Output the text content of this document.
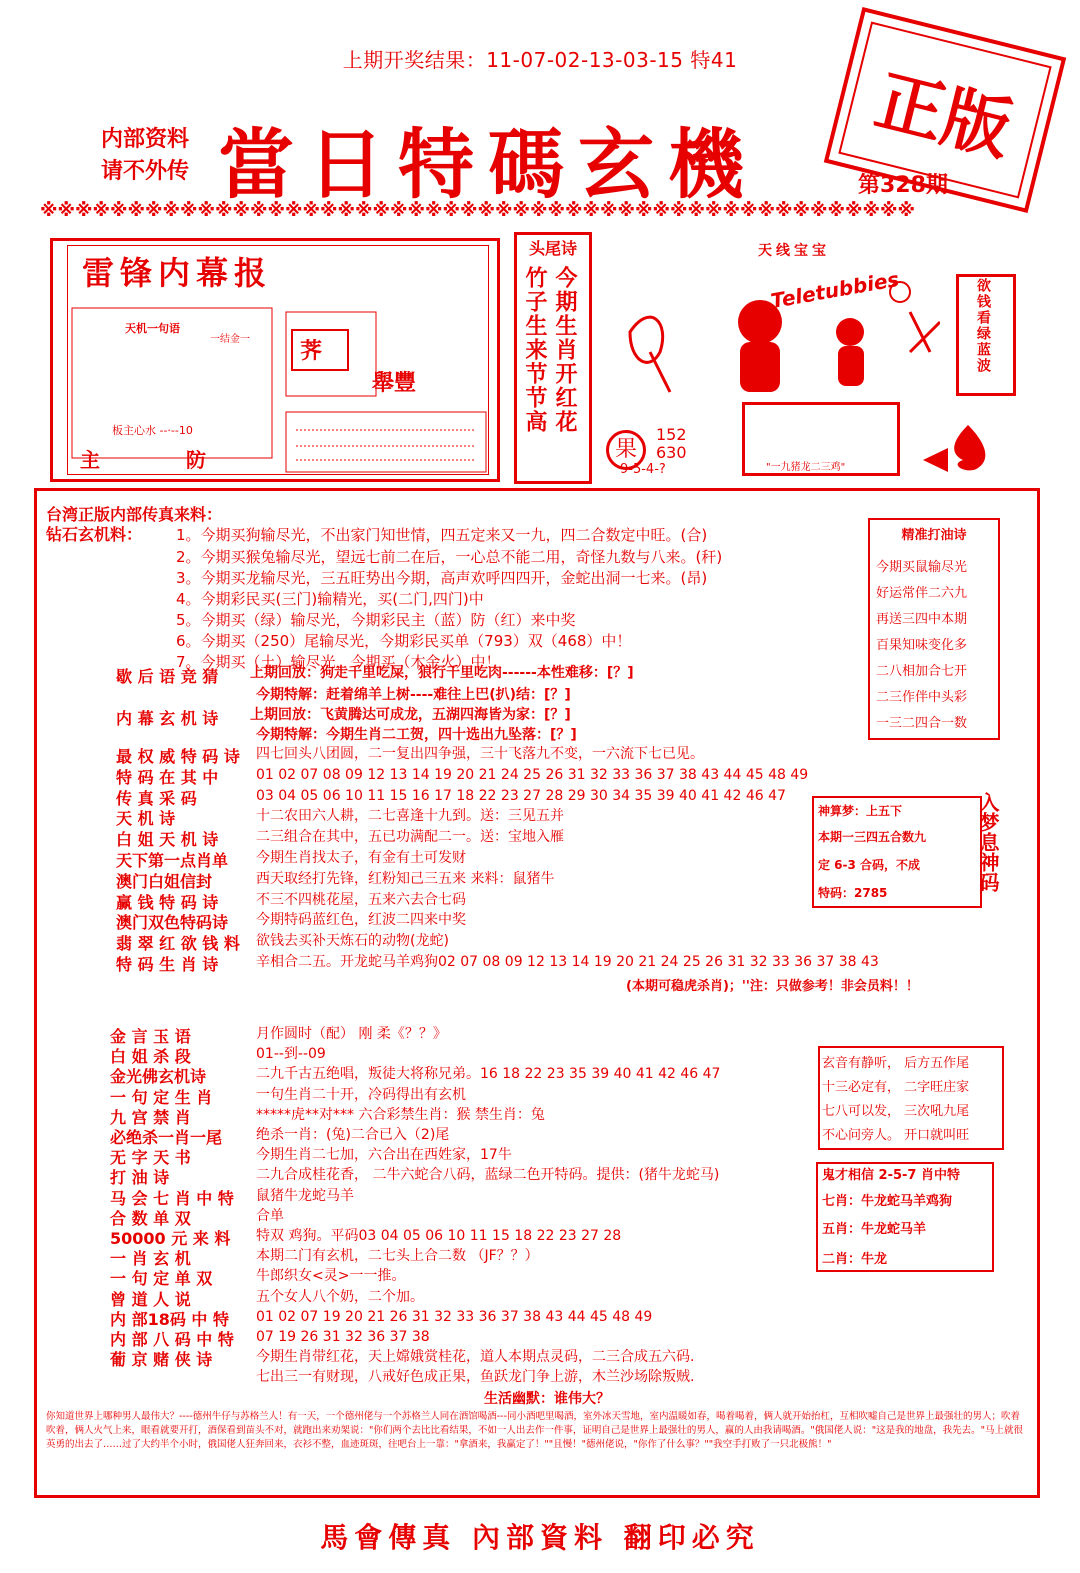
上期开奖结果：11-07-02-13-03-15 特41
内部资料
请不外传 當日特碼玄機	第328期
正版
※※※※※※※※※※※※※※※※※※※※※※※※※※※※※※※※※※※※※※※※※※※※※※※※※※
雷锋内幕报
荠
舉豐
天机一句语
一结金一
板主心水 --·--10
主	防
头尾诗
今期生肖开红花
竹子生来节节高
果
152
630
9-5-4-?
天线宝宝
Teletubbies
"一九猪龙二三鸡"
欲钱看绿蓝波
台湾正版内部传真来料：
钻石玄机料： 1。今期买狗输尽光，不出家门知世情，四五定来又一九，四二合数定中旺。(合)
2。今期买猴兔输尽光，望远七前二在后，一心总不能二用，奇怪九数与八来。(秆)
3。今期买龙输尽光，三五旺势出今期，高声欢呼四四开，金蛇出洞一七来。(昂)
4。今期彩民买(三门)输精光，买(二门,四门)中
5。今期买（绿）输尽光，今期彩民主（蓝）防（红）来中奖
6。今期买（250）尾输尽光，今期彩民买单（793）双（468）中！
7。今期买（土）输尽光，今期买（木金火）中！
歇 后 语 竞 猜 上期回放：狗走千里吃屎，狼行千里吃肉------本性难移：[？]
今期特解：赶着绵羊上树----难往上巴(扒)结：[？]
内 幕 玄 机 诗 上期回放：飞黄腾达可成龙，五湖四海皆为家：[？]
今期特解：今期生肖二工贺，四十选出九坠落：[？]
最 权 威 特 码 诗 四七回头八团圆，二一复出四争强，三十飞落九不变，一六流下七已见。
特 码 在 其 中	01 02 07 08 09 12 13 14 19 20 21 24 25 26 31 32 33 36 37 38 43 44 45 48 49
传 真 采 码	03 04 05 06 10 11 15 16 17 18 22 23 27 28 29 30 34 35 39 40 41 42 46 47
天 机 诗	十二农田六人耕，二七喜逢十九到。送：三见五并
白 姐 天 机 诗	二三组合在其中，五已功满配二一。送：宝地入雁
天下第一点肖单 今期生肖找太子，有金有土可发财
澳门白姐信封	西天取经打先锋，红粉知己三五来 来料：鼠猪牛
赢 钱 特 码 诗	不三不四桃花屋，五来六去合七码
澳门双色特码诗 今期特码蓝红色，红波二四来中奖
翡 翠 红 欲 钱 料 欲钱去买补天炼石的动物(龙蛇)
特 码 生 肖 诗	辛相合二五。开龙蛇马羊鸡狗02 07 08 09 12 13 14 19 20 21 24 25 26 31 32 33 36 37 38 43
(本期可稳虎杀肖)；''注：只做参考！非会员料！！
金 言 玉 语	月作圆时（配） 刚 柔《？？》
白 姐 杀 段	01--到--09
金光佛玄机诗	二九千古五绝唱，叛徒大将称兄弟。16 18 22 23 35 39 40 41 42 46 47
一 句 定 生 肖	一句生肖二十开，冷码得出有玄机
九 宫 禁 肖	*****虎**对*** 六合彩禁生肖：猴 禁生肖：兔
必绝杀一肖一尾 绝杀一肖：(兔)二合已入（2)尾
无 字 天 书	今期生肖二七加，六合出在西姓家，17牛
打 油 诗	二九合成桂花香， 二牛六蛇合八码，蓝绿二色开特码。提供：(猪牛龙蛇马)
马 会 七 肖 中 特 鼠猪牛龙蛇马羊
合 数 单 双	合单
50000 元 来 料 特双 鸡狗。平码03 04 05 06 10 11 15 18 22 23 27 28
一 肖 玄 机	本期二门有玄机，二七头上合二数 （JF？？）
一 句 定 单 双	牛郎织女<灵>一一推。
曾 道 人 说	五个女人八个奶，二个加。
内 部18码 中 特 01 02 07 19 20 21 26 31 32 33 36 37 38 43 44 45 48 49
内 部 八 码 中 特 07 19 26 31 32 36 37 38
葡 京 赌 侠 诗	今期生肖带红花，天上嫦娥赏桂花，道人本期点灵码，二三合成五六码.
七出三一有财现，八戒好色成正果，鱼跃龙门争上游，木兰沙场除叛贼.
生活幽默：谁伟大？
你知道世界上哪种男人最伟大？----德州牛仔与苏格兰人！有一天，一个德州佬与一个苏格兰人同在酒馆喝酒---同小酒吧里喝酒，室外冰天雪地，室内温暖如春，喝着喝着，俩人就开始抬杠，互相吹嘘自己是世界上最强壮的男人；吹着吹着，俩人火气上来，眼看就要开打，酒保看到苗头不对，就跑出来劝架说："你们两个去比比看结果，不如一人出去作一件事，证明自己是世界上最强壮的男人，赢的人由我请喝酒。"俄国佬人说："这是我的地盘，我先去。"马上就很英勇的出去了……过了大约半个小时，俄国佬人狂奔回来，衣衫不整，血迹斑斑，往吧台上一靠："拿酒来，我赢定了！""且慢！"德州佬说，"你作了什么事？""我空手打败了一只北极熊！"
精准打油诗
今期买鼠输尽光
好运常伴二六九
再送三四中本期
百果知味变化多
二八相加合七开
二三作伴中头彩
一三二四合一数
神算梦：上五下
本期一三四五合数九
定 6-3 合码，不成
特码：2785
入梦息神码
玄音有静听， 后方五作尾
十三必定有， 二字旺庄家
七八可以发， 三次吼九尾
不心问旁人。 开口就叫旺
鬼才相信 2-5-7 肖中特
七肖：牛龙蛇马羊鸡狗
五肖：牛龙蛇马羊
二肖：牛龙
馬會傳真 內部資料 翻印必究
